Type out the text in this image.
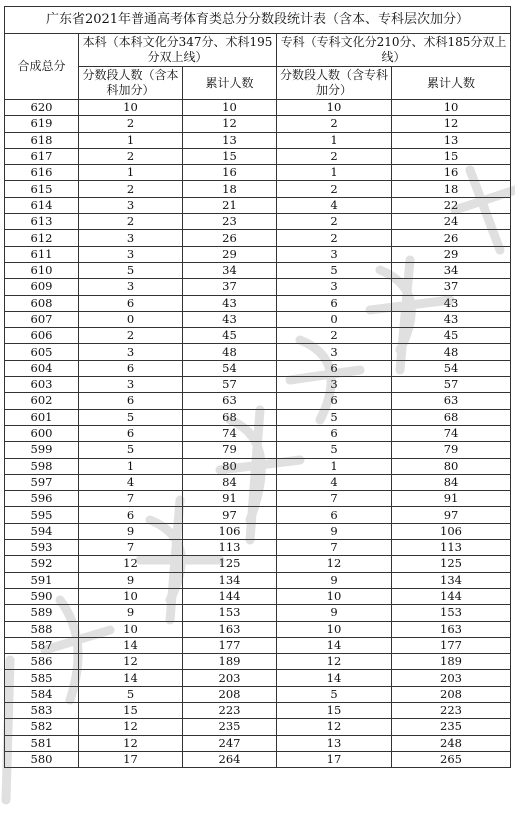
广东省2021年普通高考体育类总分分数段统计表（含本、专科层次加分）				
合成总分	本科（本科文化分347分、术科195分双上线）		专科（专科文化分210分、术科185分双上线）	
	分数段人数（含本科加分）	累计人数	分数段人数（含专科加分）	累计人数
620	10	10	10	10
619	2	12	2	12
618	1	13	1	13
617	2	15	2	15
616	1	16	1	16
615	2	18	2	18
614	3	21	4	22
613	2	23	2	24
612	3	26	2	26
611	3	29	3	29
610	5	34	5	34
609	3	37	3	37
608	6	43	6	43
607	0	43	0	43
606	2	45	2	45
605	3	48	3	48
604	6	54	6	54
603	3	57	3	57
602	6	63	6	63
601	5	68	5	68
600	6	74	6	74
599	5	79	5	79
598	1	80	1	80
597	4	84	4	84
596	7	91	7	91
595	6	97	6	97
594	9	106	9	106
593	7	113	7	113
592	12	125	12	125
591	9	134	9	134
590	10	144	10	144
589	9	153	9	153
588	10	163	10	163
587	14	177	14	177
586	12	189	12	189
585	14	203	14	203
584	5	208	5	208
583	15	223	15	223
582	12	235	12	235
581	12	247	13	248
580	17	264	17	265
